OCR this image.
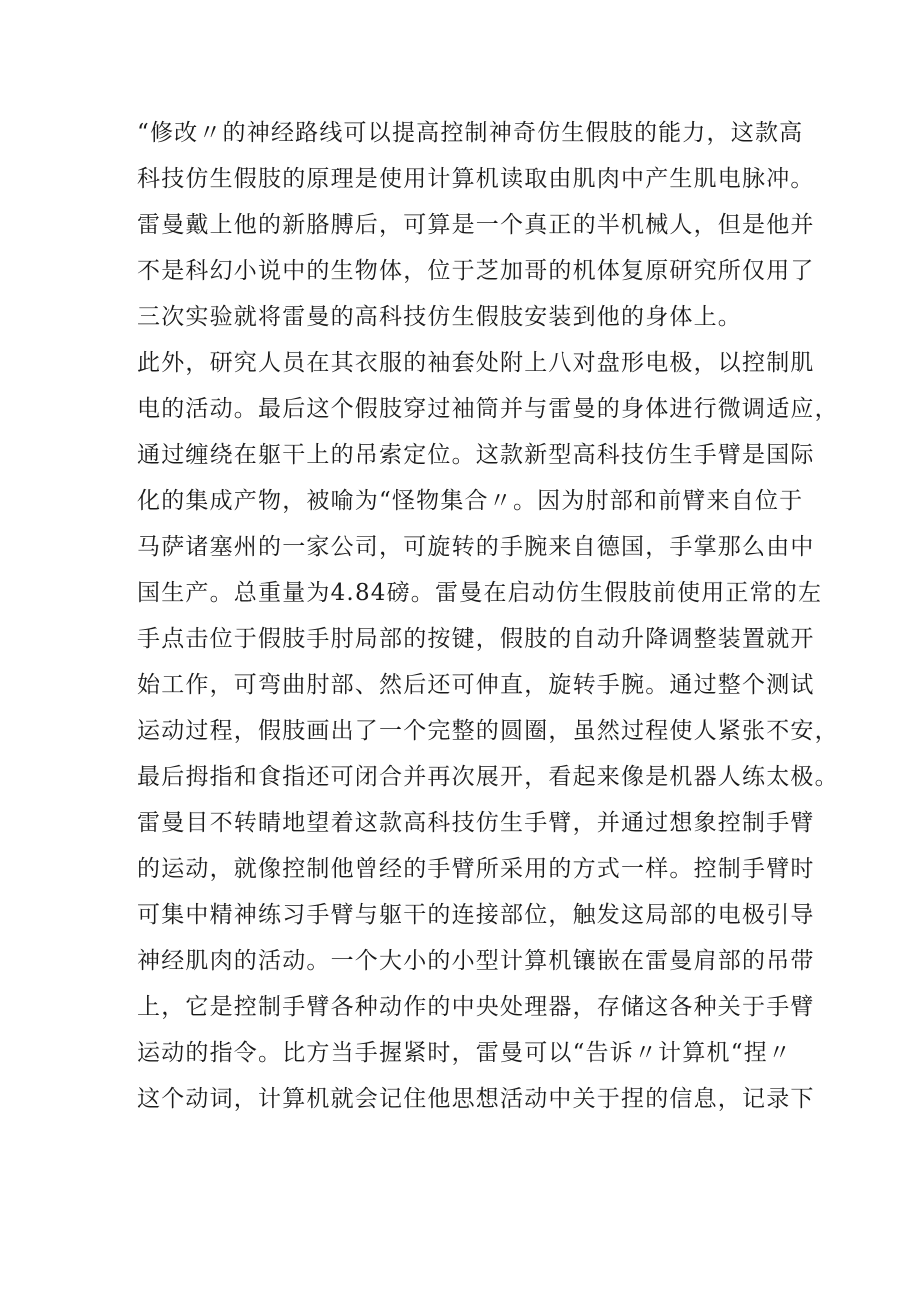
“修改〃的神经路线可以提高控制神奇仿生假肢的能力，这款高
科技仿生假肢的原理是使用计算机读取由肌肉中产生肌电脉冲。
雷曼戴上他的新胳膊后，可算是一个真正的半机械人，但是他并
不是科幻小说中的生物体，位于芝加哥的机体复原研究所仅用了
三次实验就将雷曼的高科技仿生假肢安装到他的身体上。
此外，研究人员在其衣服的袖套处附上八对盘形电极，以控制肌
电的活动。最后这个假肢穿过袖筒并与雷曼的身体进行微调适应，
通过缠绕在躯干上的吊索定位。这款新型高科技仿生手臂是国际
化的集成产物，被喻为“怪物集合〃。因为肘部和前臂来自位于
马萨诸塞州的一家公司，可旋转的手腕来自德国，手掌那么由中
国生产。总重量为4.84磅。雷曼在启动仿生假肢前使用正常的左
手点击位于假肢手肘局部的按键，假肢的自动升降调整装置就开
始工作，可弯曲肘部、然后还可伸直，旋转手腕。通过整个测试
运动过程，假肢画出了一个完整的圆圈，虽然过程使人紧张不安，
最后拇指和食指还可闭合并再次展开，看起来像是机器人练太极。
雷曼目不转睛地望着这款高科技仿生手臂，并通过想象控制手臂
的运动，就像控制他曾经的手臂所采用的方式一样。控制手臂时
可集中精神练习手臂与躯干的连接部位，触发这局部的电极引导
神经肌肉的活动。一个大小的小型计算机镶嵌在雷曼肩部的吊带
上，它是控制手臂各种动作的中央处理器，存储这各种关于手臂
运动的指令。比方当手握紧时，雷曼可以“告诉〃计算机“捏〃
这个动词，计算机就会记住他思想活动中关于捏的信息，记录下
